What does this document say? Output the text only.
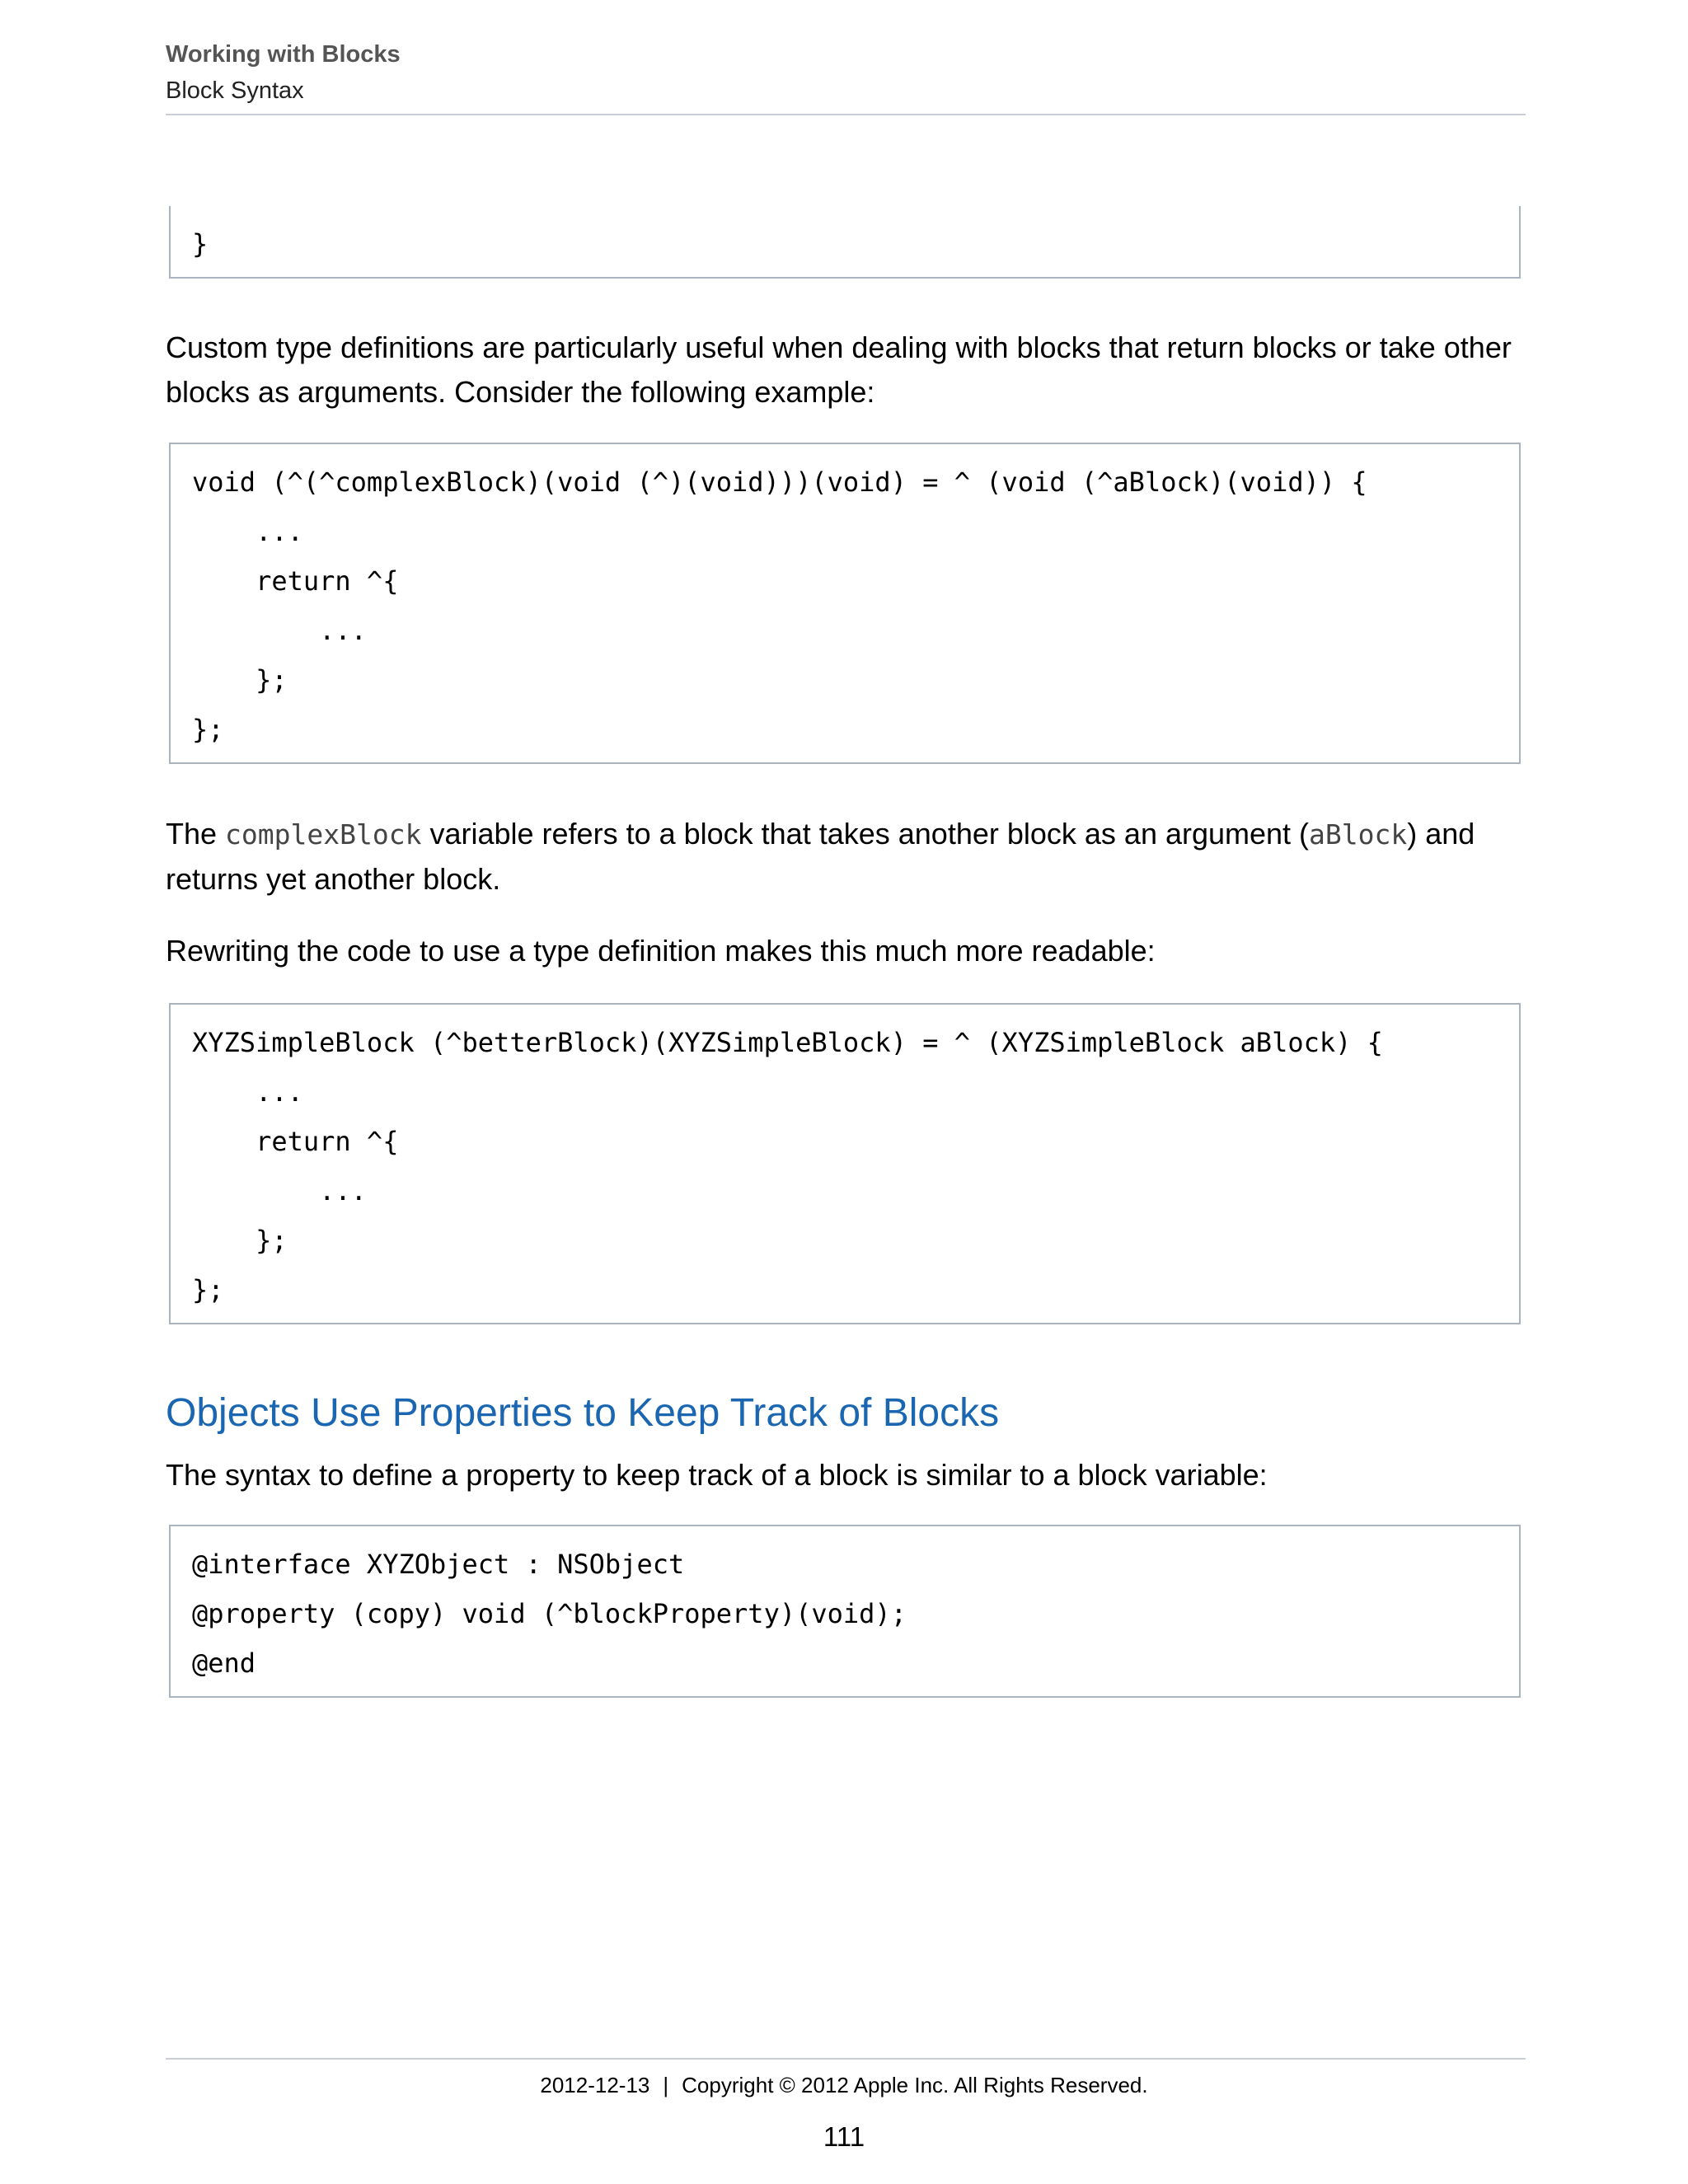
Working with Blocks
Block Syntax
}
Custom type definitions are particularly useful when dealing with blocks that return blocks or take other blocks as arguments. Consider the following example:
void (^(^complexBlock)(void (^)(void)))(void) = ^ (void (^aBlock)(void)) {
...
return ^{
...
};
};
The complexBlock variable refers to a block that takes another block as an argument (aBlock) and returns yet another block.
Rewriting the code to use a type definition makes this much more readable:
XYZSimpleBlock (^betterBlock)(XYZSimpleBlock) = ^ (XYZSimpleBlock aBlock) {
...
return ^{
...
};
};
Objects Use Properties to Keep Track of Blocks
The syntax to define a property to keep track of a block is similar to a block variable:
@interface XYZObject : NSObject
@property (copy) void (^blockProperty)(void);
@end
2012-12-13 | Copyright © 2012 Apple Inc. All Rights Reserved.
111
